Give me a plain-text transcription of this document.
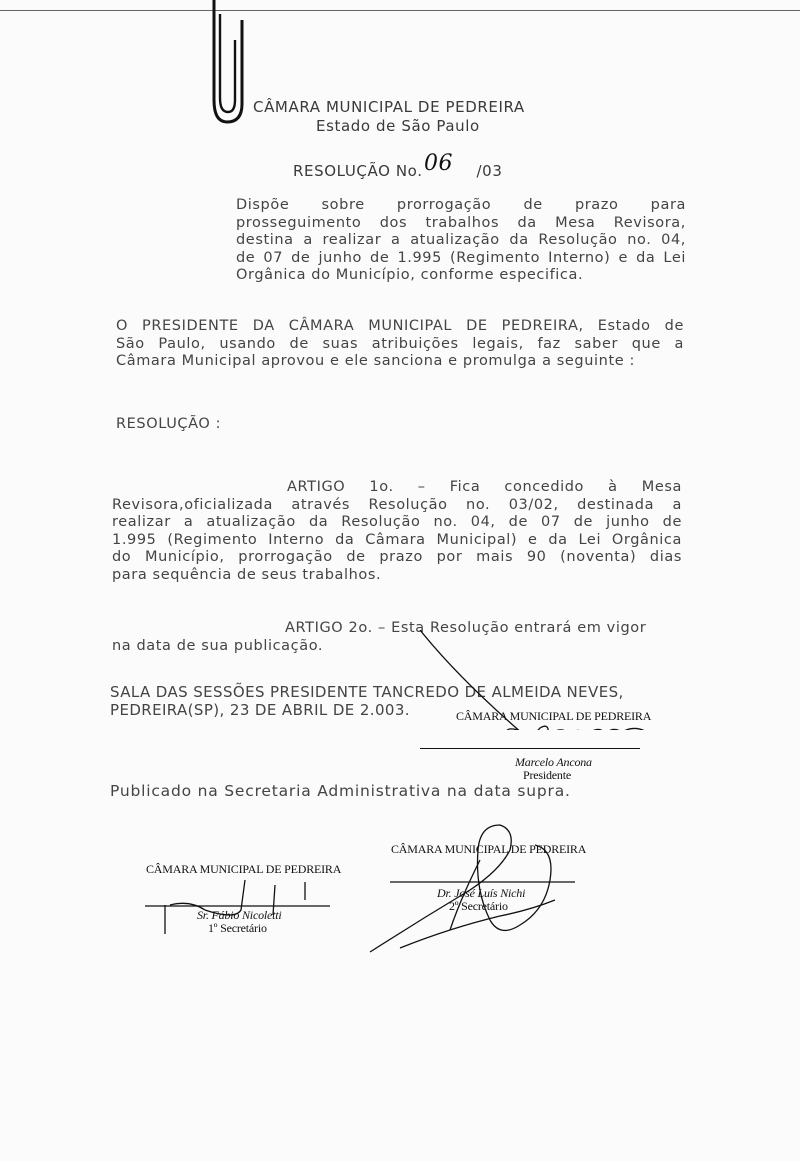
CÂMARA MUNICIPAL DE PEDREIRA
Estado de São Paulo
RESOLUÇÃO No. 06 /03
Dispõe sobre prorrogação de prazo para
prosseguimento dos trabalhos da Mesa Revisora,
destina a realizar a atualização da Resolução no. 04,
de 07 de junho de 1.995 (Regimento Interno) e da Lei
Orgânica do Município, conforme especifica.
O PRESIDENTE DA CÂMARA MUNICIPAL DE PEDREIRA, Estado de
São Paulo, usando de suas atribuições legais, faz saber que a
Câmara Municipal aprovou e ele sanciona e promulga a seguinte :
RESOLUÇÃO :
ARTIGO 1o. – Fica concedido à Mesa
Revisora,oficializada através Resolução no. 03/02, destinada a
realizar a atualização da Resolução no. 04, de 07 de junho de
1.995 (Regimento Interno da Câmara Municipal) e da Lei Orgânica
do Município, prorrogação de prazo por mais 90 (noventa) dias
para sequência de seus trabalhos.
ARTIGO 2o. – Esta Resolução entrará em vigor
na data de sua publicação.
SALA DAS SESSÕES PRESIDENTE TANCREDO DE ALMEIDA NEVES,
PEDREIRA(SP), 23 DE ABRIL DE 2.003.	CÂMARA MUNICIPAL DE PEDREIRA
Marcelo Ancona
Presidente
Publicado na Secretaria Administrativa na data supra.
CÂMARA MUNICIPAL DE PEDREIRA
Sr. Fábio Nicoletti
1º Secretário
CÂMARA MUNICIPAL DE PEDREIRA
Dr. José Luís Nichi
2º Secretário
